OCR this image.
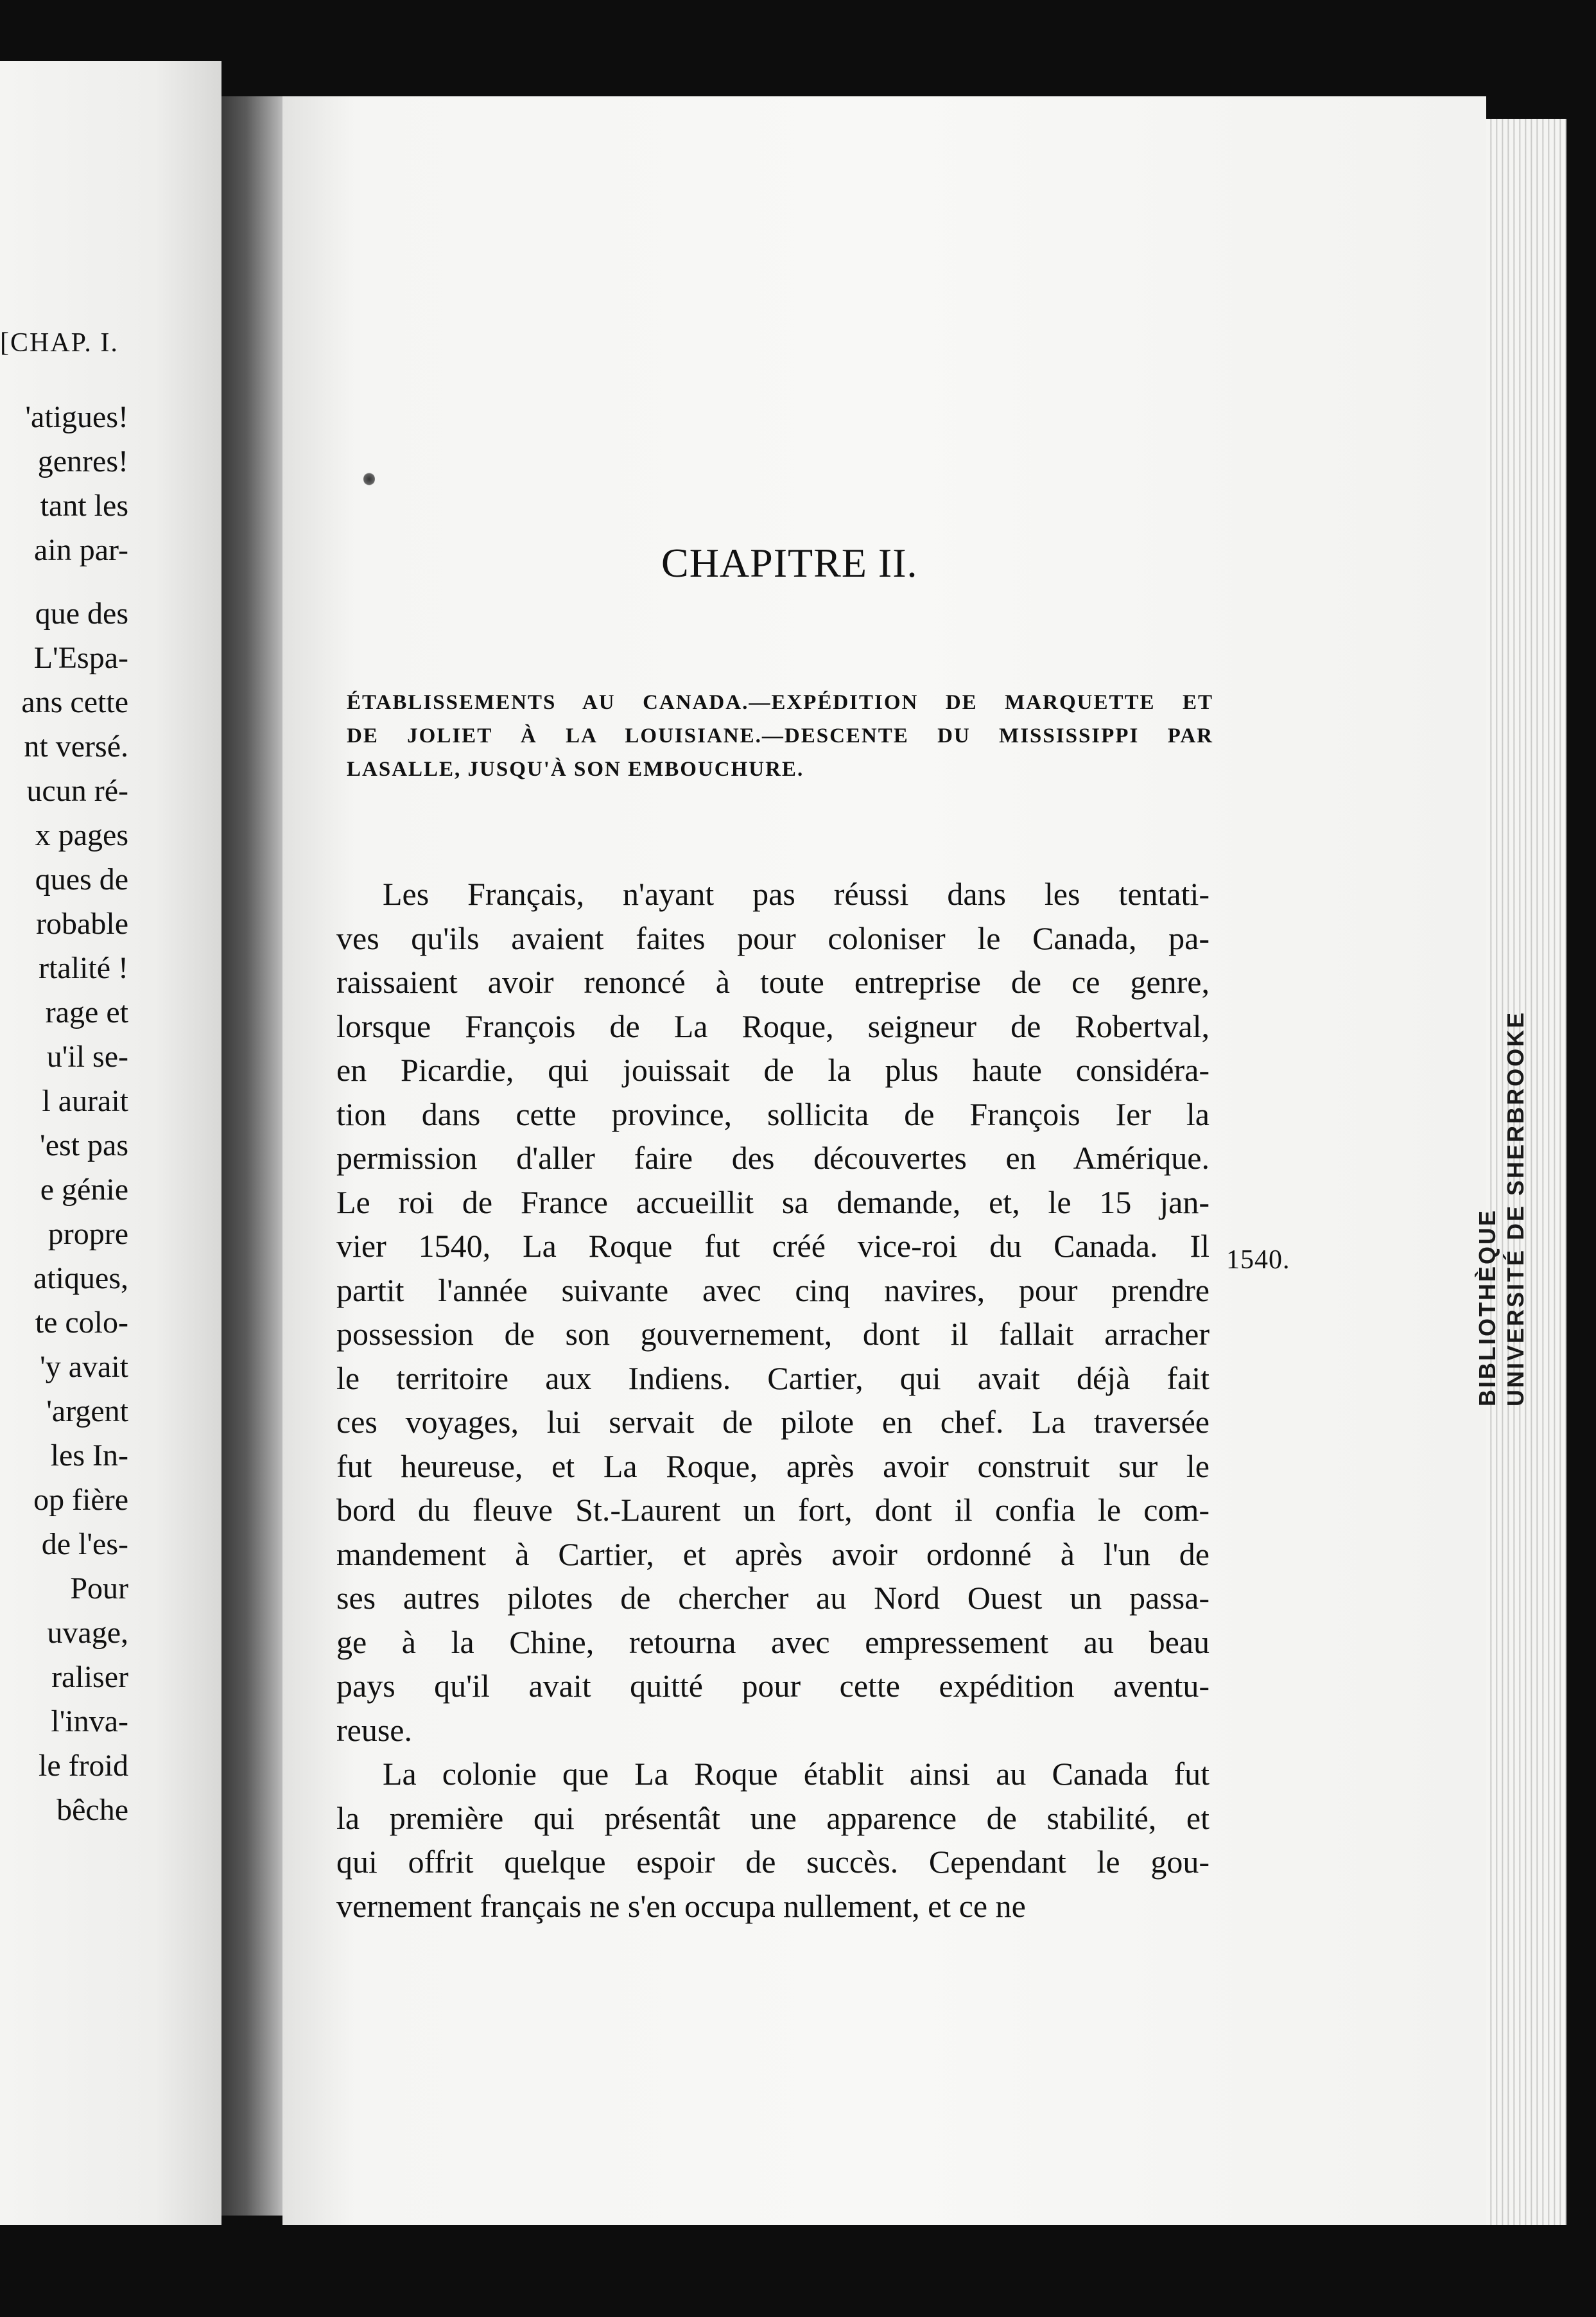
[CHAP. I.
'atigues!
genres!
tant les
ain par-
que des
L'Espa-
ans cette
nt versé.
ucun ré-
x pages
ques de
robable
rtalité !
rage et
u'il se-
l aurait
'est pas
e génie
propre
atiques,
te colo-
'y avait
'argent
les In-
op fière
de l'es-
Pour
uvage,
raliser
l'inva-
le froid
bêche
BIBLIOTHÈQUE UNIVERSITÉ DE SHERBROOKE
CHAPITRE II.
ÉTABLISSEMENTS AU CANADA.—EXPÉDITION DE MARQUETTE ET
DE JOLIET À LA LOUISIANE.—DESCENTE DU MISSISSIPPI PAR
LASALLE, JUSQU'À SON EMBOUCHURE.
Les Français, n'ayant pas réussi dans les tentati-
ves qu'ils avaient faites pour coloniser le Canada, pa-
raissaient avoir renoncé à toute entreprise de ce genre,
lorsque François de La Roque, seigneur de Robertval,
en Picardie, qui jouissait de la plus haute considéra-
tion dans cette province, sollicita de François Ier la
permission d'aller faire des découvertes en Amérique.
Le roi de France accueillit sa demande, et, le 15 jan-
vier 1540, La Roque fut créé vice-roi du Canada. Il
partit l'année suivante avec cinq navires, pour prendre
possession de son gouvernement, dont il fallait arracher
le territoire aux Indiens. Cartier, qui avait déjà fait
ces voyages, lui servait de pilote en chef. La traversée
fut heureuse, et La Roque, après avoir construit sur le
bord du fleuve St.-Laurent un fort, dont il confia le com-
mandement à Cartier, et après avoir ordonné à l'un de
ses autres pilotes de chercher au Nord Ouest un passa-
ge à la Chine, retourna avec empressement au beau
pays qu'il avait quitté pour cette expédition aventu-
reuse.
La colonie que La Roque établit ainsi au Canada fut
la première qui présentât une apparence de stabilité, et
qui offrit quelque espoir de succès. Cependant le gou-
vernement français ne s'en occupa nullement, et ce ne
1540.
